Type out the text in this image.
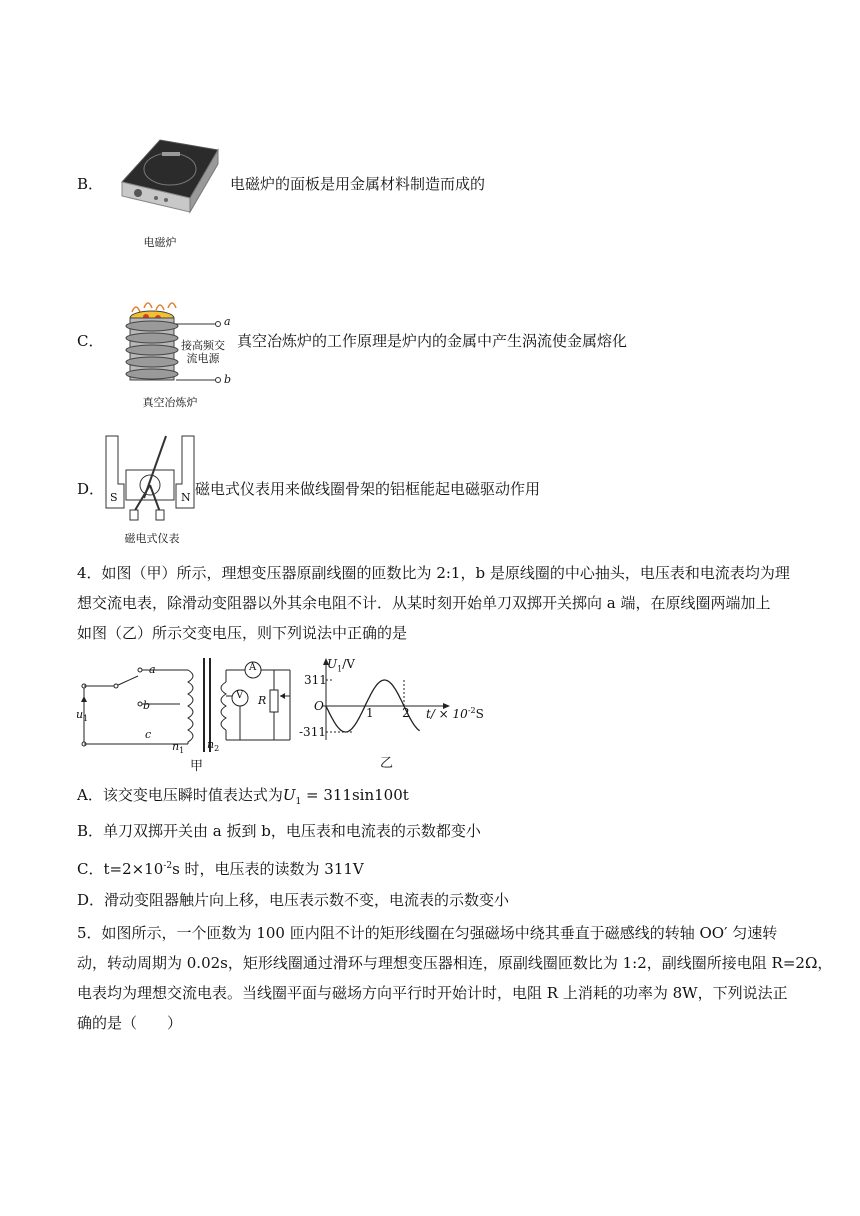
B．
电磁炉
电磁炉的面板是用金属材料制造而成的
C．
a
b
接高频交
流电源
真空冶炼炉
真空冶炼炉的工作原理是炉内的金属中产生涡流使金属熔化
D． S	N
磁电式仪表
磁电式仪表用来做线圈骨架的铝框能起电磁驱动作用
4．如图（甲）所示，理想变压器原副线圈的匝数比为 2:1，b 是原线圈的中心抽头，电压表和电流表均为理
想交流电表，除滑动变阻器以外其余电阻不计．从某时刻开始单刀双掷开关掷向 a 端，在原线圈两端加上
如图（乙）所示交变电压，则下列说法中正确的是
a
b
c
$u_1$
$n_1$ $n_2$
A
V R
甲
$U_1/V$
311
O
-311
1 2 $t/ \times 10^{-2}S$
乙
A．该交变电压瞬时值表达式为$U_1 = 311\sin 100t$
B．单刀双掷开关由 a 扳到 b，电压表和电流表的示数都变小
C．$t=2\times 10^{-2}s$ 时，电压表的读数为 311V
D．滑动变阻器触片向上移，电压表示数不变，电流表的示数变小
5．如图所示，一个匝数为 100 匝内阻不计的矩形线圈在匀强磁场中绕其垂直于磁感线的转轴 OO′ 匀速转
动，转动周期为 0.02s，矩形线圈通过滑环与理想变压器相连，原副线圈匝数比为 1:2，副线圈所接电阻 R=2Ω，
电表均为理想交流电表。当线圈平面与磁场方向平行时开始计时，电阻 R 上消耗的功率为 8W，下列说法正
确的是（　　）
